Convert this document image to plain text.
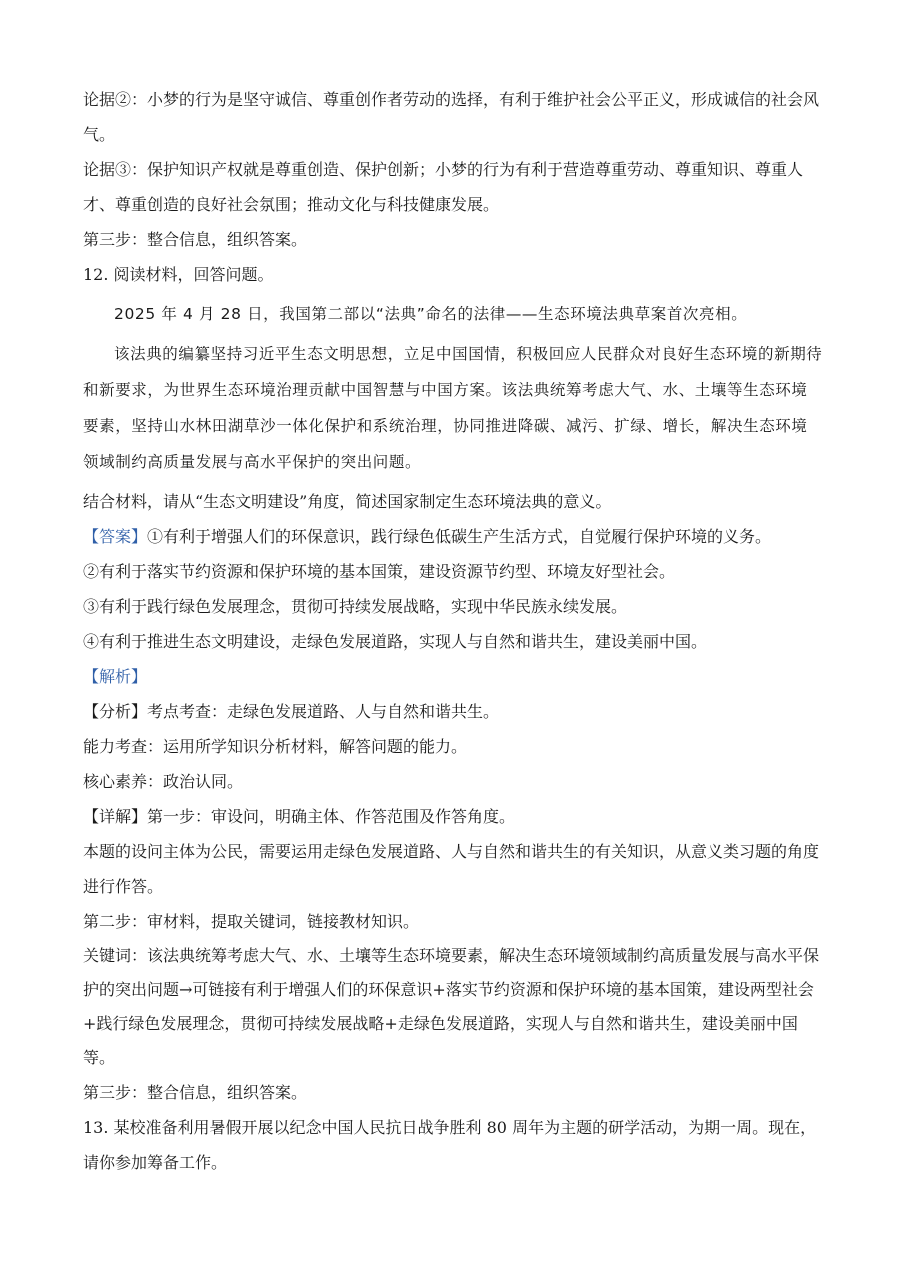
论据②：小梦的行为是坚守诚信、尊重创作者劳动的选择，有利于维护社会公平正义，形成诚信的社会风气。

论据③：保护知识产权就是尊重创造、保护创新；小梦的行为有利于营造尊重劳动、尊重知识、尊重人才、尊重创造的良好社会氛围；推动文化与科技健康发展。

第三步：整合信息，组织答案。

12. 阅读材料，回答问题。

2025 年 4 月 28 日，我国第二部以“法典”命名的法律——生态环境法典草案首次亮相。

该法典的编纂坚持习近平生态文明思想，立足中国国情，积极回应人民群众对良好生态环境的新期待和新要求，为世界生态环境治理贡献中国智慧与中国方案。该法典统筹考虑大气、水、土壤等生态环境要素，坚持山水林田湖草沙一体化保护和系统治理，协同推进降碳、减污、扩绿、增长，解决生态环境领域制约高质量发展与高水平保护的突出问题。

结合材料，请从“生态文明建设”角度，简述国家制定生态环境法典的意义。

【答案】①有利于增强人们的环保意识，践行绿色低碳生产生活方式，自觉履行保护环境的义务。

②有利于落实节约资源和保护环境的基本国策，建设资源节约型、环境友好型社会。

③有利于践行绿色发展理念，贯彻可持续发展战略，实现中华民族永续发展。

④有利于推进生态文明建设，走绿色发展道路，实现人与自然和谐共生，建设美丽中国。

【解析】

【分析】考点考查：走绿色发展道路、人与自然和谐共生。

能力考查：运用所学知识分析材料，解答问题的能力。

核心素养：政治认同。

【详解】第一步：审设问，明确主体、作答范围及作答角度。

本题的设问主体为公民，需要运用走绿色发展道路、人与自然和谐共生的有关知识，从意义类习题的角度进行作答。

第二步：审材料，提取关键词，链接教材知识。

关键词：该法典统筹考虑大气、水、土壤等生态环境要素，解决生态环境领域制约高质量发展与高水平保护的突出问题→可链接有利于增强人们的环保意识+落实节约资源和保护环境的基本国策，建设两型社会+践行绿色发展理念，贯彻可持续发展战略+走绿色发展道路，实现人与自然和谐共生，建设美丽中国等。

第三步：整合信息，组织答案。

13. 某校准备利用暑假开展以纪念中国人民抗日战争胜利 80 周年为主题的研学活动，为期一周。现在，请你参加筹备工作。
